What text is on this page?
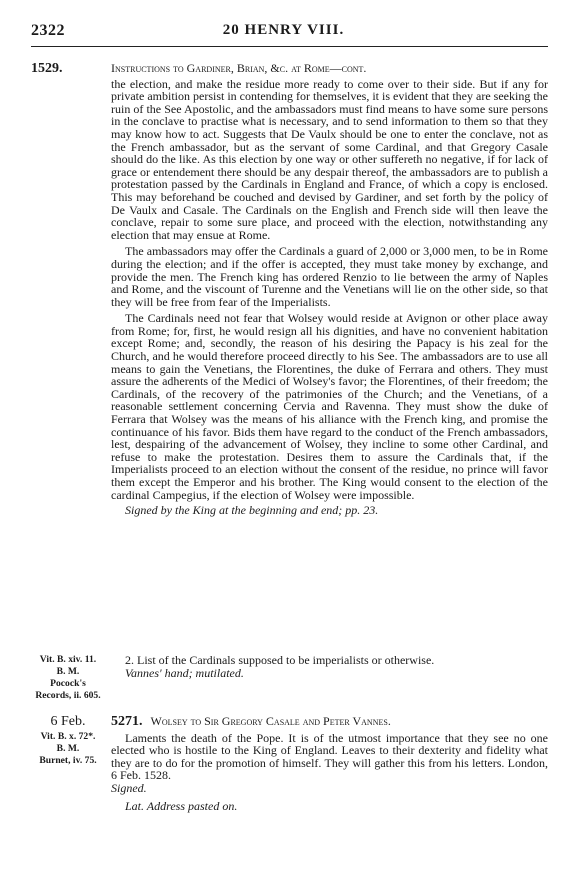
2322	20 HENRY VIII.
1529.	Instructions to Gardiner, Brian, &c. at Rome—cont.

the election, and make the residue more ready to come over to their side. But if any for private ambition persist in contending for themselves, it is evident that they are seeking the ruin of the See Apostolic, and the ambassadors must find means to have some sure persons in the conclave to practise what is necessary, and to send information to them so that they may know how to act. Suggests that De Vaulx should be one to enter the conclave, not as the French ambassador, but as the servant of some Cardinal, and that Gregory Casale should do the like. As this election by one way or other suffereth no negative, if for lack of grace or entendement there should be any despair thereof, the ambassadors are to publish a protestation passed by the Cardinals in England and France, of which a copy is enclosed. This may beforehand be couched and devised by Gardiner, and set forth by the policy of De Vaulx and Casale. The Cardinals on the English and French side will then leave the conclave, repair to some sure place, and proceed with the election, notwithstanding any election that may ensue at Rome.

The ambassadors may offer the Cardinals a guard of 2,000 or 3,000 men, to be in Rome during the election; and if the offer is accepted, they must take money by exchange, and provide the men. The French king has ordered Renzio to lie between the army of Naples and Rome, and the viscount of Turenne and the Venetians will lie on the other side, so that they will be free from fear of the Imperialists.

The Cardinals need not fear that Wolsey would reside at Avignon or other place away from Rome; for, first, he would resign all his dignities, and have no convenient habitation except Rome; and, secondly, the reason of his desiring the Papacy is his zeal for the Church, and he would therefore proceed directly to his See. The ambassadors are to use all means to gain the Venetians, the Florentines, the duke of Ferrara and others. They must assure the adherents of the Medici of Wolsey's favor; the Florentines, of their freedom; the Cardinals, of the recovery of the patrimonies of the Church; and the Venetians, of a reasonable settlement concerning Cervia and Ravenna. They must show the duke of Ferrara that Wolsey was the means of his alliance with the French king, and promise the continuance of his favor. Bids them have regard to the conduct of the French ambassadors, lest, despairing of the advancement of Wolsey, they incline to some other Cardinal, and refuse to make the protestation. Desires them to assure the Cardinals that, if the Imperialists proceed to an election without the consent of the residue, no prince will favor them except the Emperor and his brother. The King would consent to the election of the cardinal Campegius, if the election of Wolsey were impossible.

Signed by the King at the beginning and end; pp. 23.

Vit. B. xiv. 11.
B. M.
Pocock's Records, ii. 605.

2. List of the Cardinals supposed to be imperialists or otherwise.

Vannes' hand; mutilated.

6 Feb.
Vit. B. x. 72*.
B. M.
Burnet, iv. 75.
5271. Wolsey to Sir Gregory Casale and Peter Vannes.

Laments the death of the Pope. It is of the utmost importance that they see no one elected who is hostile to the King of England. Leaves to their dexterity and fidelity what they are to do for the promotion of himself. They will gather this from his letters. London, 6 Feb. 1528.

Signed.

Lat. Address pasted on.
